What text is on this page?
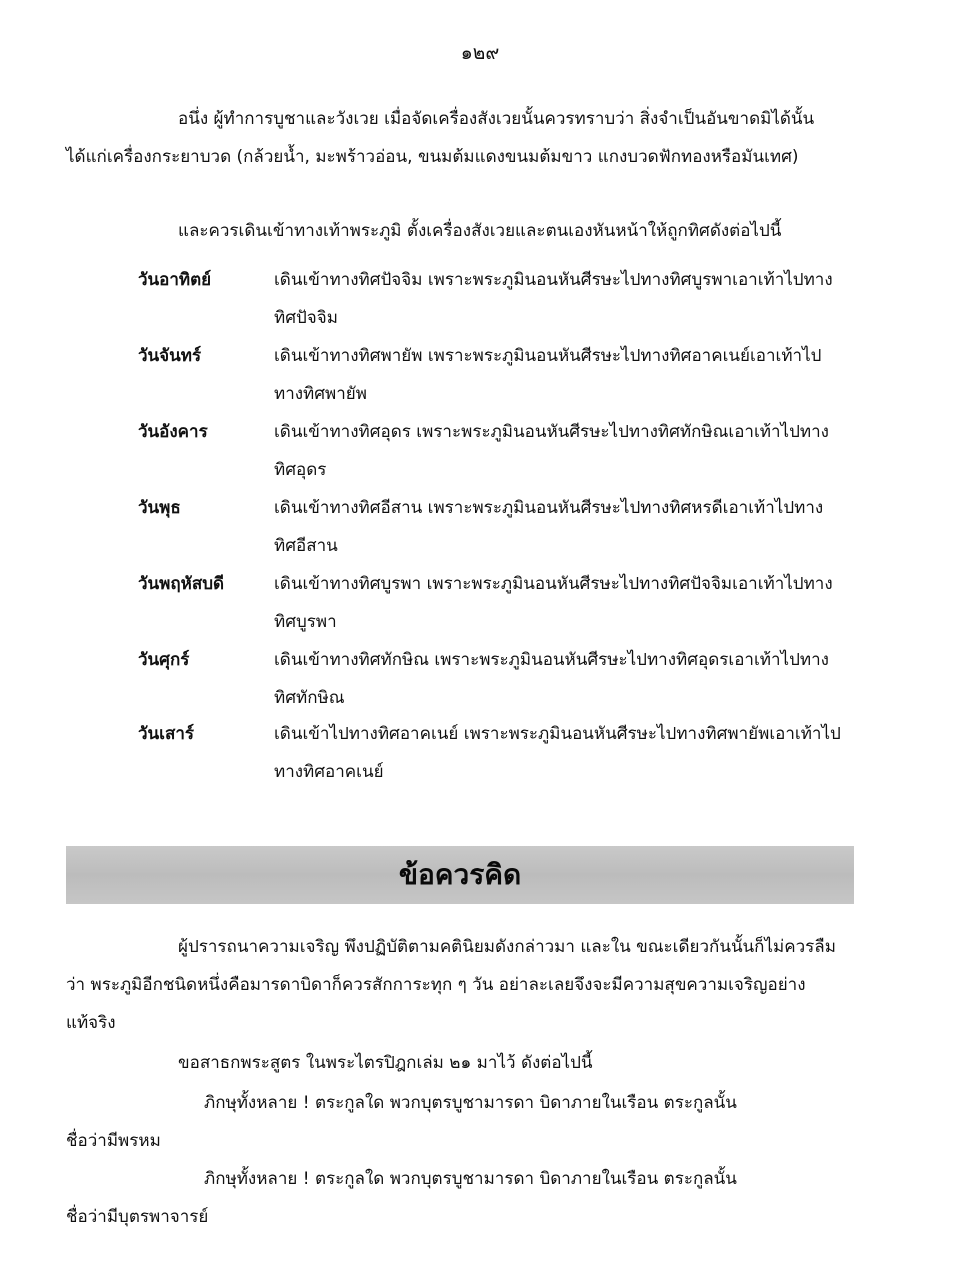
๑๒๙
อนึ่ง ผู้ทำการบูชาและวังเวย เมื่อจัดเครื่องสังเวยนั้นควรทราบว่า สิ่งจำเป็นอันขาดมิได้นั้น
ได้แก่เครื่องกระยาบวด (กล้วยน้ำ, มะพร้าวอ่อน, ขนมต้มแดงขนมต้มขาว แกงบวดฟักทองหรือมันเทศ)
และควรเดินเข้าทางเท้าพระภูมิ ตั้งเครื่องสังเวยและตนเองหันหน้าให้ถูกทิศดังต่อไปนี้
วันอาทิตย์	เดินเข้าทางทิศปัจจิม เพราะพระภูมินอนหันศีรษะไปทางทิศบูรพาเอาเท้าไปทาง
ทิศปัจจิม
วันจันทร์	เดินเข้าทางทิศพายัพ เพราะพระภูมินอนหันศีรษะไปทางทิศอาคเนย์เอาเท้าไป
ทางทิศพายัพ
วันอังคาร	เดินเข้าทางทิศอุดร เพราะพระภูมินอนหันศีรษะไปทางทิศทักษิณเอาเท้าไปทาง
ทิศอุดร
วันพุธ	เดินเข้าทางทิศอีสาน เพราะพระภูมินอนหันศีรษะไปทางทิศหรดีเอาเท้าไปทาง
ทิศอีสาน
วันพฤหัสบดี	เดินเข้าทางทิศบูรพา เพราะพระภูมินอนหันศีรษะไปทางทิศปัจจิมเอาเท้าไปทาง
ทิศบูรพา
วันศุกร์	เดินเข้าทางทิศทักษิณ เพราะพระภูมินอนหันศีรษะไปทางทิศอุดรเอาเท้าไปทาง
ทิศทักษิณ
วันเสาร์	เดินเข้าไปทางทิศอาคเนย์ เพราะพระภูมินอนหันศีรษะไปทางทิศพายัพเอาเท้าไป
ทางทิศอาคเนย์
ข้อควรคิด
ผู้ปรารถนาความเจริญ พึงปฏิบัติตามคตินิยมดังกล่าวมา และใน ขณะเดียวกันนั้นก็ไม่ควรลืม
ว่า พระภูมิอีกชนิดหนึ่งคือมารดาบิดาก็ควรสักการะทุก ๆ วัน อย่าละเลยจึงจะมีความสุขความเจริญอย่าง
แท้จริง
ขอสาธกพระสูตร ในพระไตรปิฎกเล่ม ๒๑ มาไว้ ดังต่อไปนี้
ภิกษุทั้งหลาย ! ตระกูลใด พวกบุตรบูชามารดา บิดาภายในเรือน ตระกูลนั้น
ชื่อว่ามีพรหม
ภิกษุทั้งหลาย ! ตระกูลใด พวกบุตรบูชามารดา บิดาภายในเรือน ตระกูลนั้น
ชื่อว่ามีบุตรพาจารย์
